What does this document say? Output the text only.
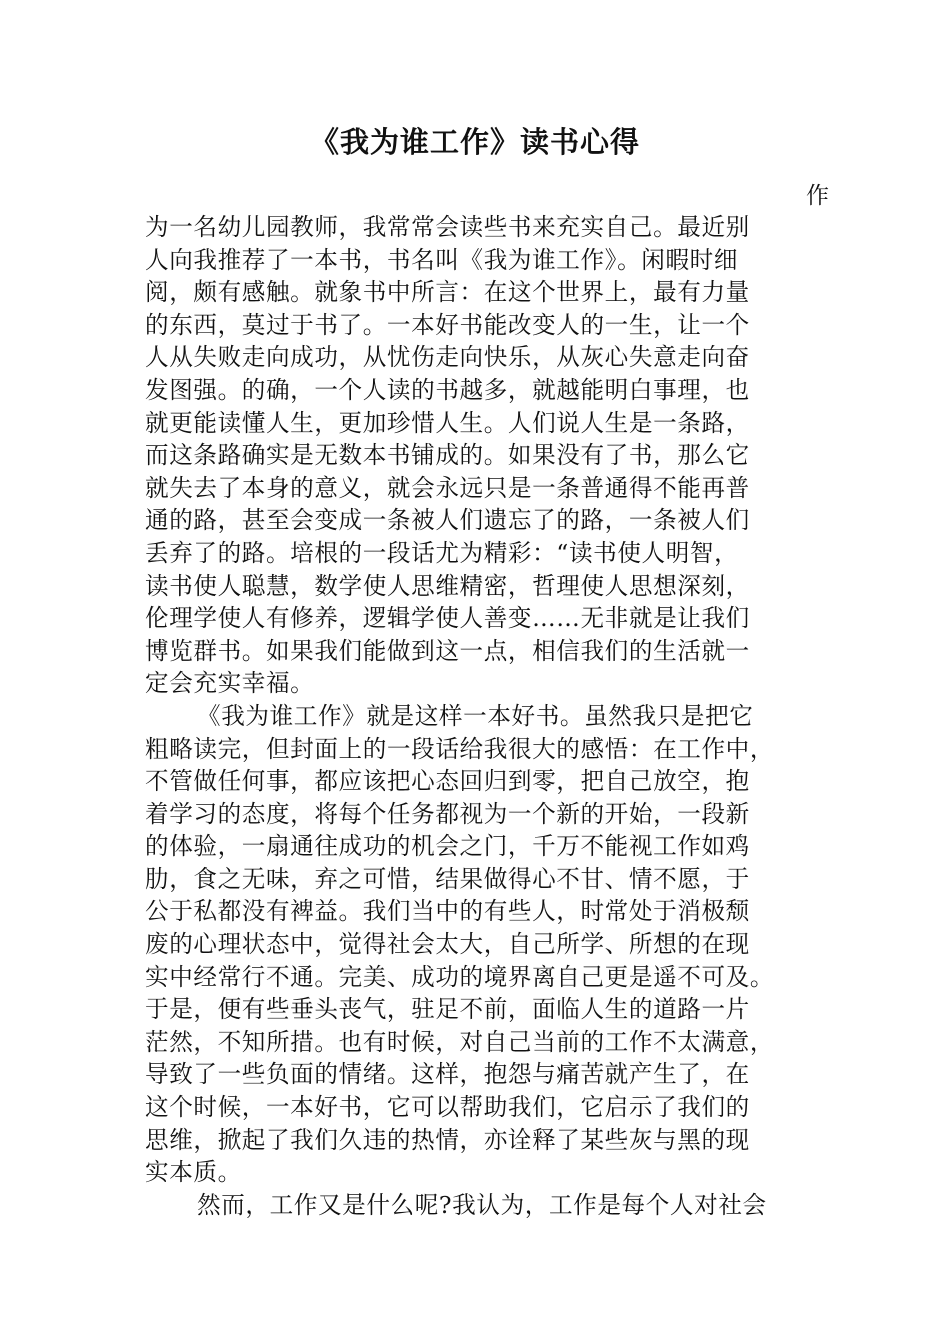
《我为谁工作》读书心得
作
为一名幼儿园教师，我常常会读些书来充实自己。最近别
人向我推荐了一本书，书名叫《我为谁工作》。闲暇时细
阅，颇有感触。就象书中所言：在这个世界上，最有力量
的东西，莫过于书了。一本好书能改变人的一生，让一个
人从失败走向成功，从忧伤走向快乐，从灰心失意走向奋
发图强。的确，一个人读的书越多，就越能明白事理，也
就更能读懂人生，更加珍惜人生。人们说人生是一条路，
而这条路确实是无数本书铺成的。如果没有了书，那么它
就失去了本身的意义，就会永远只是一条普通得不能再普
通的路，甚至会变成一条被人们遗忘了的路，一条被人们
丢弃了的路。培根的一段话尤为精彩：“读书使人明智，
读书使人聪慧，数学使人思维精密，哲理使人思想深刻，
伦理学使人有修养，逻辑学使人善变……无非就是让我们
博览群书。如果我们能做到这一点，相信我们的生活就一
定会充实幸福。
《我为谁工作》就是这样一本好书。虽然我只是把它
粗略读完，但封面上的一段话给我很大的感悟：在工作中，
不管做任何事，都应该把心态回归到零，把自己放空，抱
着学习的态度，将每个任务都视为一个新的开始，一段新
的体验，一扇通往成功的机会之门，千万不能视工作如鸡
肋，食之无味，弃之可惜，结果做得心不甘、情不愿，于
公于私都没有裨益。我们当中的有些人，时常处于消极颓
废的心理状态中，觉得社会太大，自己所学、所想的在现
实中经常行不通。完美、成功的境界离自己更是遥不可及。
于是，便有些垂头丧气，驻足不前，面临人生的道路一片
茫然，不知所措。也有时候，对自己当前的工作不太满意，
导致了一些负面的情绪。这样，抱怨与痛苦就产生了，在
这个时候，一本好书，它可以帮助我们，它启示了我们的
思维，掀起了我们久违的热情，亦诠释了某些灰与黑的现
实本质。
然而，工作又是什么呢?我认为，工作是每个人对社会
